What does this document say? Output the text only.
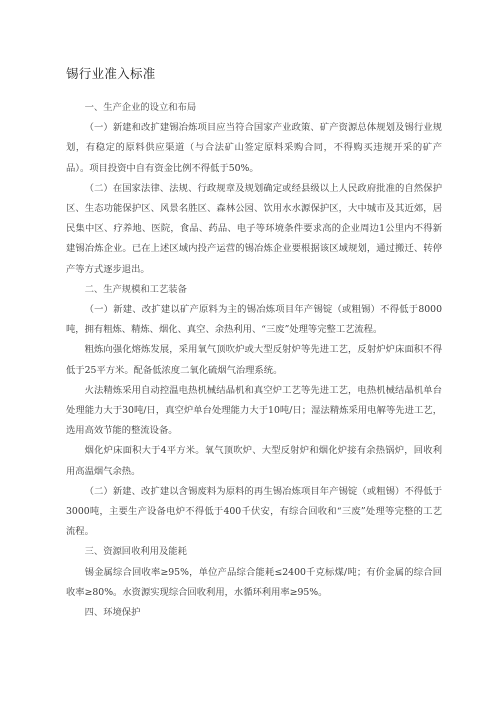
锡行业准入标准

一、生产企业的设立和布局

（一）新建和改扩建锡冶炼项目应当符合国家产业政策、矿产资源总体规划及锡行业规划，有稳定的原料供应渠道（与合法矿山签定原料采购合同，不得购买违规开采的矿产品）。项目投资中自有资金比例不得低于50%。

（二）在国家法律、法规、行政规章及规划确定或经县级以上人民政府批准的自然保护区、生态功能保护区、风景名胜区、森林公园、饮用水水源保护区，大中城市及其近郊，居民集中区、疗养地、医院，食品、药品、电子等环境条件要求高的企业周边1公里内不得新建锡冶炼企业。已在上述区域内投产运营的锡冶炼企业要根据该区域规划，通过搬迁、转停产等方式逐步退出。

二、生产规模和工艺装备

（一）新建、改扩建以矿产原料为主的锡冶炼项目年产锡锭（或粗锡）不得低于8000吨，拥有粗炼、精炼、烟化、真空、余热利用、“三废”处理等完整工艺流程。

粗炼向强化熔炼发展，采用氧气顶吹炉或大型反射炉等先进工艺，反射炉炉床面积不得低于25平方米。配备低浓度二氧化硫烟气治理系统。

火法精炼采用自动控温电热机械结晶机和真空炉工艺等先进工艺，电热机械结晶机单台处理能力大于30吨/日，真空炉单台处理能力大于10吨/日；湿法精炼采用电解等先进工艺，选用高效节能的整流设备。

烟化炉床面积大于4平方米。氧气顶吹炉、大型反射炉和烟化炉接有余热锅炉，回收利用高温烟气余热。

（二）新建、改扩建以含锡废料为原料的再生锡冶炼项目年产锡锭（或粗锡）不得低于3000吨，主要生产设备电炉不得低于400千伏安，有综合回收和“三废”处理等完整的工艺流程。

三、资源回收利用及能耗

锡金属综合回收率≥95%，单位产品综合能耗≤2400千克标煤/吨；有价金属的综合回收率≥80%。水资源实现综合回收利用，水循环利用率≥95%。

四、环境保护
